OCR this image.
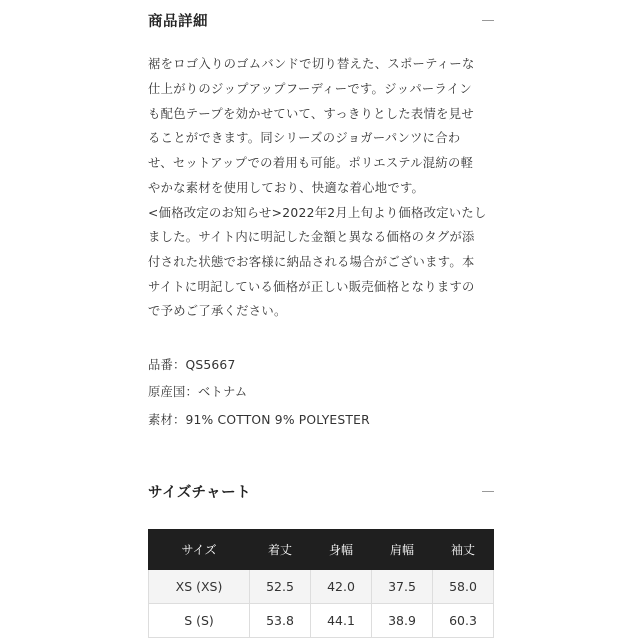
商品詳細
裾をロゴ入りのゴムバンドで切り替えた、スポーティーな
仕上がりのジップアップフーディーです。ジッパーライン
も配色テープを効かせていて、すっきりとした表情を見せ
ることができます。同シリーズのジョガーパンツに合わ
せ、セットアップでの着用も可能。ポリエステル混紡の軽
やかな素材を使用しており、快適な着心地です。
<価格改定のお知らせ>2022年2月上旬より価格改定いたし
ました。サイト内に明記した金額と異なる価格のタグが添
付された状態でお客様に納品される場合がございます。本
サイトに明記している価格が正しい販売価格となりますの
で予めご了承ください。
品番：QS5667
原産国：ベトナム
素材：91% COTTON 9% POLYESTER
サイズチャート
サイズ	着丈	身幅	肩幅	袖丈
XS (XS)	52.5	42.0	37.5	58.0
S (S)	53.8	44.1	38.9	60.3
